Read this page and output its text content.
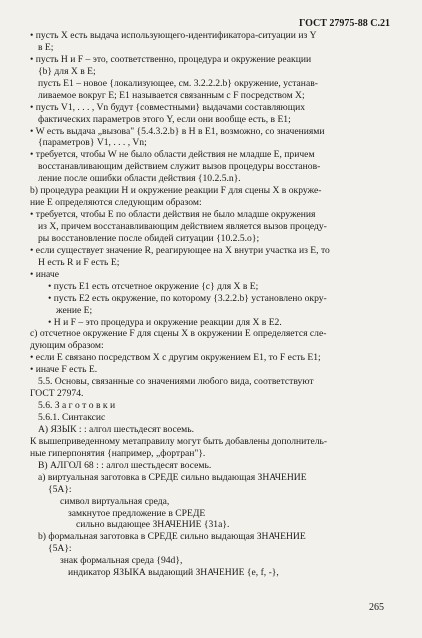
ГОСТ 27975-88 С.21
• пусть X есть выдача использующего-идентификатора-ситуации из Y
в E;
• пусть H и F – это, соответственно, процедура и окружение реакции
{b} для X в E;
пусть E1 – новое {локализующее, см. 3.2.2.2.b} окружение, устанав-
ливаемое вокруг E; E1 называется связанным с F посредством X;
• пусть V1, . . . , Vn будут {совместными} выдачами составляющих
фактических параметров этого Y, если они вообще есть, в E1;
• W есть выдача „вызова" {5.4.3.2.b} в H в E1, возможно, со значениями
{параметров} V1, . . . , Vn;
• требуется, чтобы W не было области действия не младше E, причем
восстанавливающим действием служит вызов процедуры восстанов-
ление после ошибки области действия {10.2.5.n}.
b) процедура реакции H и окружение реакции F для сцены X в окруже-
ние E определяются следующим образом:
• требуется, чтобы E по области действия не было младше окружения
из X, причем восстанавливающим действием является вызов процеду-
ры восстановление после обидей ситуации {10.2.5.o};
• если существует значение R, реагирующее на X внутри участка из E, то
H есть R и F есть E;
• иначе
• пусть E1 есть отсчетное окружение {c} для X в E;
• пусть E2 есть окружение, по которому {3.2.2.b} установлено окру-
жение E;
• H и F – это процедура и окружение реакции для X в E2.
c) отсчетное окружение F для сцены X в окружении E определяется сле-
дующим образом:
• если E связано посредством X с другим окружением E1, то F есть E1;
• иначе F есть E.
5.5. Основы, связанные со значениями любого вида, соответствуют
ГОСТ 27974.
5.6. З а г о т о в к и
5.6.1. Синтаксис
A) ЯЗЫК : : алгол шестьдесят восемь.
К вышеприведенному метаправилу могут быть добавлены дополнитель-
ные гиперпонятия {например, „фортран"}.
B) АЛГОЛ 68 : : алгол шестьдесят восемь.
a) виртуальная заготовка в СРЕДЕ сильно выдающая ЗНАЧЕНИЕ
{5A}:
символ виртуальная среда,
замкнутое предложение в СРЕДЕ
сильно выдающее ЗНАЧЕНИЕ {31a}.
b) формальная заготовка в СРЕДЕ сильно выдающая ЗНАЧЕНИЕ
{5A}:
знак формальная среда {94d},
индикатор ЯЗЫКА выдающий ЗНАЧЕНИЕ {e, f, -},
265
